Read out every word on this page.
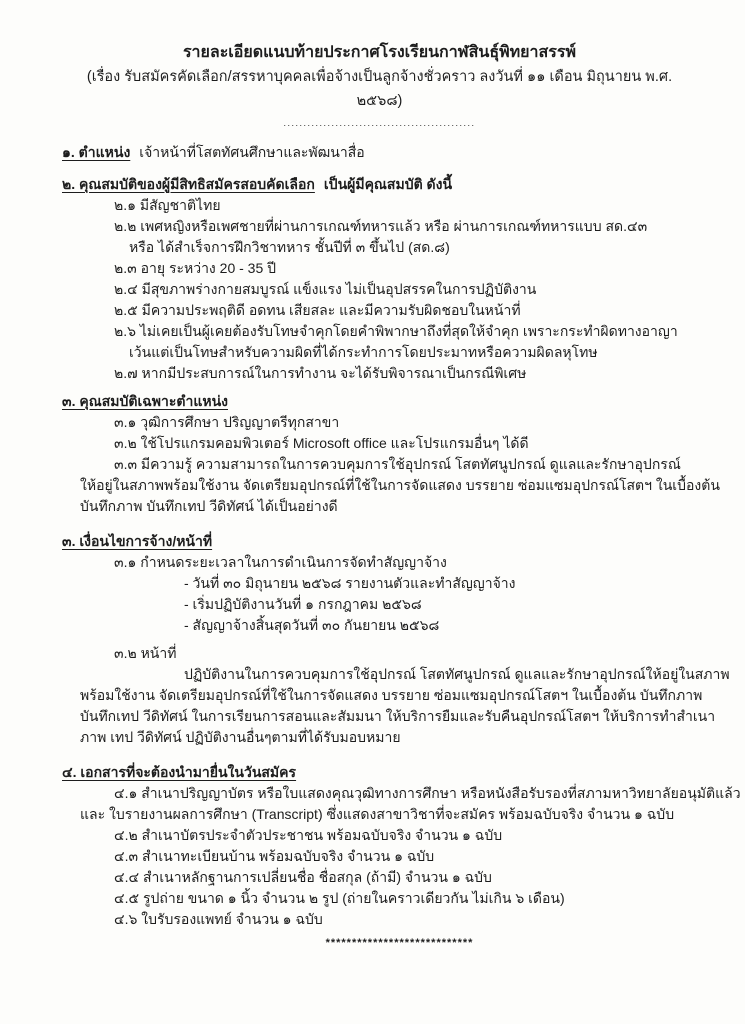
รายละเอียดแนบท้ายประกาศโรงเรียนกาฬสินธุ์พิทยาสรรพ์
(เรื่อง รับสมัครคัดเลือก/สรรหาบุคคลเพื่อจ้างเป็นลูกจ้างชั่วคราว ลงวันที่ ๑๑ เดือน มิถุนายน พ.ศ. ๒๕๖๘)
................................................
๑. ตำแหน่ง เจ้าหน้าที่โสตทัศนศึกษาและพัฒนาสื่อ
๒. คุณสมบัติของผู้มีสิทธิสมัครสอบคัดเลือก เป็นผู้มีคุณสมบัติ ดังนี้
๒.๑ มีสัญชาติไทย
๒.๒ เพศหญิงหรือเพศชายที่ผ่านการเกณฑ์ทหารแล้ว หรือ ผ่านการเกณฑ์ทหารแบบ สด.๔๓
หรือ ได้สำเร็จการฝึกวิชาทหาร ชั้นปีที่ ๓ ขึ้นไป (สด.๘)
๒.๓ อายุ ระหว่าง 20 - 35 ปี
๒.๔ มีสุขภาพร่างกายสมบูรณ์ แข็งแรง ไม่เป็นอุปสรรคในการปฏิบัติงาน
๒.๕ มีความประพฤติดี อดทน เสียสละ และมีความรับผิดชอบในหน้าที่
๒.๖ ไม่เคยเป็นผู้เคยต้องรับโทษจำคุกโดยคำพิพากษาถึงที่สุดให้จำคุก เพราะกระทำผิดทางอาญา
เว้นแต่เป็นโทษสำหรับความผิดที่ได้กระทำการโดยประมาทหรือความผิดลหุโทษ
๒.๗ หากมีประสบการณ์ในการทำงาน จะได้รับพิจารณาเป็นกรณีพิเศษ
๓. คุณสมบัติเฉพาะตำแหน่ง
๓.๑ วุฒิการศึกษา ปริญญาตรีทุกสาขา
๓.๒ ใช้โปรแกรมคอมพิวเตอร์ Microsoft office และโปรแกรมอื่นๆ ได้ดี
๓.๓ มีความรู้ ความสามารถในการควบคุมการใช้อุปกรณ์ โสตทัศนูปกรณ์ ดูแลและรักษาอุปกรณ์
ให้อยู่ในสภาพพร้อมใช้งาน จัดเตรียมอุปกรณ์ที่ใช้ในการจัดแสดง บรรยาย ซ่อมแซมอุปกรณ์โสตฯ ในเบื้องต้น
บันทึกภาพ บันทึกเทป วีดิทัศน์ ได้เป็นอย่างดี
๓. เงื่อนไขการจ้าง/หน้าที่
๓.๑ กำหนดระยะเวลาในการดำเนินการจัดทำสัญญาจ้าง
- วันที่ ๓๐ มิถุนายน ๒๕๖๘ รายงานตัวและทำสัญญาจ้าง
- เริ่มปฏิบัติงานวันที่ ๑ กรกฎาคม ๒๕๖๘
- สัญญาจ้างสิ้นสุดวันที่ ๓๐ กันยายน ๒๕๖๘
๓.๒ หน้าที่
ปฏิบัติงานในการควบคุมการใช้อุปกรณ์ โสตทัศนูปกรณ์ ดูแลและรักษาอุปกรณ์ให้อยู่ในสภาพ
พร้อมใช้งาน จัดเตรียมอุปกรณ์ที่ใช้ในการจัดแสดง บรรยาย ซ่อมแซมอุปกรณ์โสตฯ ในเบื้องต้น บันทึกภาพ
บันทึกเทป วีดิทัศน์ ในการเรียนการสอนและสัมมนา ให้บริการยืมและรับคืนอุปกรณ์โสตฯ ให้บริการทำสำเนา
ภาพ เทป วีดิทัศน์ ปฏิบัติงานอื่นๆตามที่ได้รับมอบหมาย
๔. เอกสารที่จะต้องนำมายื่นในวันสมัคร
๔.๑ สำเนาปริญญาบัตร หรือใบแสดงคุณวุฒิทางการศึกษา หรือหนังสือรับรองที่สภามหาวิทยาลัยอนุมัติแล้ว
และ ใบรายงานผลการศึกษา (Transcript) ซึ่งแสดงสาขาวิชาที่จะสมัคร พร้อมฉบับจริง จำนวน ๑ ฉบับ
๔.๒ สำเนาบัตรประจำตัวประชาชน พร้อมฉบับจริง จำนวน ๑ ฉบับ
๔.๓ สำเนาทะเบียนบ้าน พร้อมฉบับจริง จำนวน ๑ ฉบับ
๔.๔ สำเนาหลักฐานการเปลี่ยนชื่อ ชื่อสกุล (ถ้ามี) จำนวน ๑ ฉบับ
๔.๕ รูปถ่าย ขนาด ๑ นิ้ว จำนวน ๒ รูป (ถ่ายในคราวเดียวกัน ไม่เกิน ๖ เดือน)
๔.๖ ใบรับรองแพทย์ จำนวน ๑ ฉบับ
****************************
